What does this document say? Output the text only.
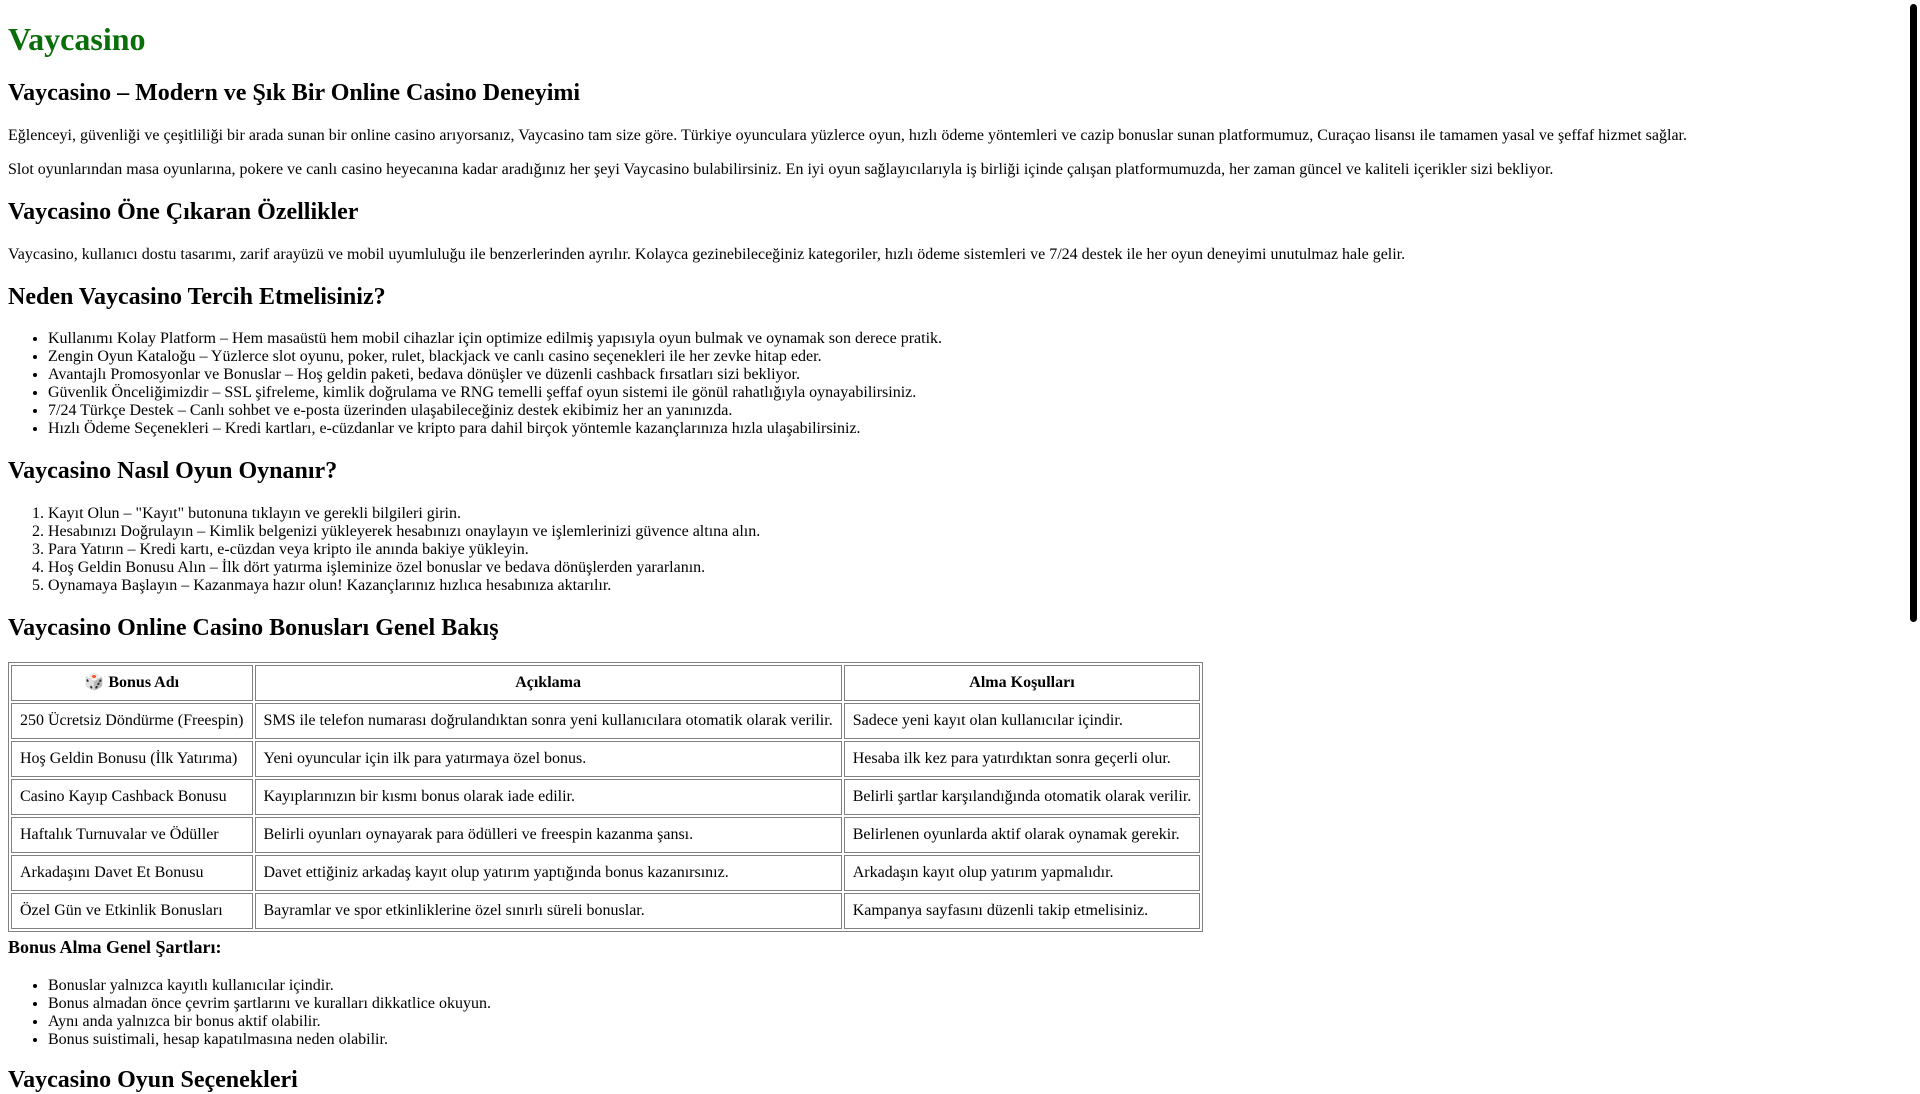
Vaycasino
Vaycasino – Modern ve Şık Bir Online Casino Deneyimi

Eğlenceyi, güvenliği ve çeşitliliği bir arada sunan bir online casino arıyorsanız, Vaycasino tam size göre. Türkiye oyunculara yüzlerce oyun, hızlı ödeme yöntemleri ve cazip bonuslar sunan platformumuz, Curaçao lisansı ile tamamen yasal ve şeffaf hizmet sağlar.

Slot oyunlarından masa oyunlarına, pokere ve canlı casino heyecanına kadar aradığınız her şeyi Vaycasino bulabilirsiniz. En iyi oyun sağlayıcılarıyla iş birliği içinde çalışan platformumuzda, her zaman güncel ve kaliteli içerikler sizi bekliyor.

Vaycasino Öne Çıkaran Özellikler

Vaycasino, kullanıcı dostu tasarımı, zarif arayüzü ve mobil uyumluluğu ile benzerlerinden ayrılır. Kolayca gezinebileceğiniz kategoriler, hızlı ödeme sistemleri ve 7/24 destek ile her oyun deneyimi unutulmaz hale gelir.

Neden Vaycasino Tercih Etmelisiniz?
• Kullanımı Kolay Platform – Hem masaüstü hem mobil cihazlar için optimize edilmiş yapısıyla oyun bulmak ve oynamak son derece pratik.
• Zengin Oyun Kataloğu – Yüzlerce slot oyunu, poker, rulet, blackjack ve canlı casino seçenekleri ile her zevke hitap eder.
• Avantajlı Promosyonlar ve Bonuslar – Hoş geldin paketi, bedava dönüşler ve düzenli cashback fırsatları sizi bekliyor.
• Güvenlik Önceliğimizdir – SSL şifreleme, kimlik doğrulama ve RNG temelli şeffaf oyun sistemi ile gönül rahatlığıyla oynayabilirsiniz.
• 7/24 Türkçe Destek – Canlı sohbet ve e-posta üzerinden ulaşabileceğiniz destek ekibimiz her an yanınızda.
• Hızlı Ödeme Seçenekleri – Kredi kartları, e-cüzdanlar ve kripto para dahil birçok yöntemle kazançlarınıza hızla ulaşabilirsiniz.
Vaycasino Nasıl Oyun Oynanır?
1. Kayıt Olun – "Kayıt" butonuna tıklayın ve gerekli bilgileri girin.
2. Hesabınızı Doğrulayın – Kimlik belgenizi yükleyerek hesabınızı onaylayın ve işlemlerinizi güvence altına alın.
3. Para Yatırın – Kredi kartı, e-cüzdan veya kripto ile anında bakiye yükleyin.
4. Hoş Geldin Bonusu Alın – İlk dört yatırma işleminize özel bonuslar ve bedava dönüşlerden yararlanın.
5. Oynamaya Başlayın – Kazanmaya hazır olun! Kazançlarınız hızlıca hesabınıza aktarılır.
Vaycasino Online Casino Bonusları Genel Bakış
🎲 Bonus Adı	Açıklama	Alma Koşulları
250 Ücretsiz Döndürme (Freespin)	SMS ile telefon numarası doğrulandıktan sonra yeni kullanıcılara otomatik olarak verilir.	Sadece yeni kayıt olan kullanıcılar içindir.
Hoş Geldin Bonusu (İlk Yatırıma)	Yeni oyuncular için ilk para yatırmaya özel bonus.	Hesaba ilk kez para yatırdıktan sonra geçerli olur.
Casino Kayıp Cashback Bonusu	Kayıplarınızın bir kısmı bonus olarak iade edilir.	Belirli şartlar karşılandığında otomatik olarak verilir.
Haftalık Turnuvalar ve Ödüller	Belirli oyunları oynayarak para ödülleri ve freespin kazanma şansı.	Belirlenen oyunlarda aktif olarak oynamak gerekir.
Arkadaşını Davet Et Bonusu	Davet ettiğiniz arkadaş kayıt olup yatırım yaptığında bonus kazanırsınız.	Arkadaşın kayıt olup yatırım yapmalıdır.
Özel Gün ve Etkinlik Bonusları	Bayramlar ve spor etkinliklerine özel sınırlı süreli bonuslar.	Kampanya sayfasını düzenli takip etmelisiniz.
Bonus Alma Genel Şartları:
• Bonuslar yalnızca kayıtlı kullanıcılar içindir.
• Bonus almadan önce çevrim şartlarını ve kuralları dikkatlice okuyun.
• Aynı anda yalnızca bir bonus aktif olabilir.
• Bonus suistimali, hesap kapatılmasına neden olabilir.
Vaycasino Oyun Seçenekleri
